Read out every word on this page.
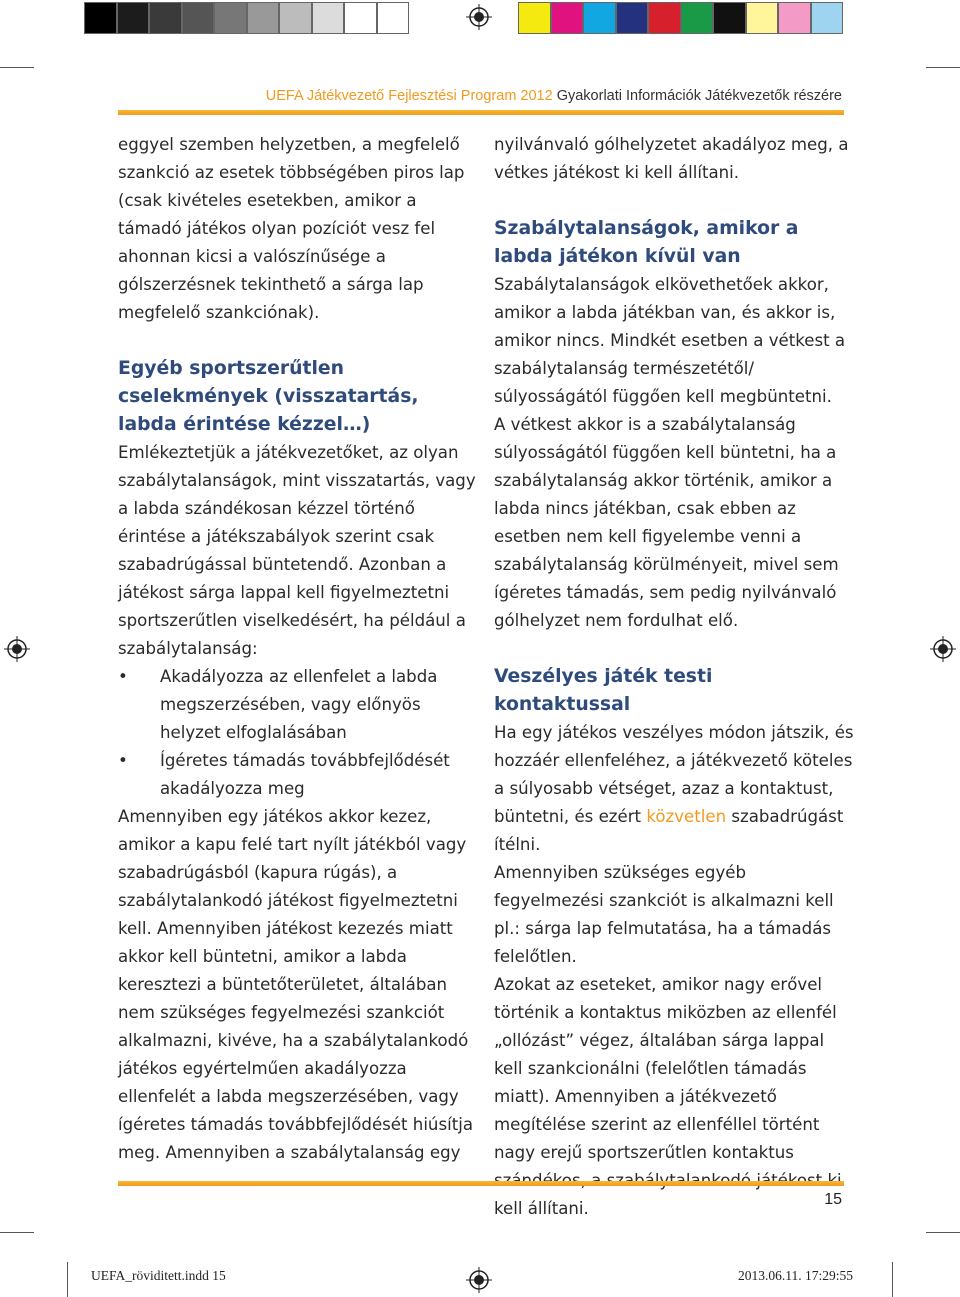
UEFA Játékvezető Fejlesztési Program 2012 Gyakorlati Információk Játékvezetők részére

eggyel szemben helyzetben, a megfelelő szankció az esetek többségében piros lap (csak kivételes esetekben, amikor a támadó játékos olyan pozíciót vesz fel ahonnan kicsi a valószínűsége a gólszerzésnek tekinthető a sárga lap megfelelő szankciónak).

Egyéb sportszerűtlen cselekmények (visszatartás, labda érintése kézzel…)

Emlékeztetjük a játékvezetőket, az olyan szabálytalanságok, mint visszatartás, vagy a labda szándékosan kézzel történő érintése a játékszabályok szerint csak szabadrúgással büntetendő. Azonban a játékost sárga lappal kell figyelmeztetni sportszerűtlen viselkedésért, ha például a szabálytalanság:

• Akadályozza az ellenfelet a labda megszerzésében, vagy előnyös helyzet elfoglalásában

• Ígéretes támadás továbbfejlődését akadályozza meg

Amennyiben egy játékos akkor kezez, amikor a kapu felé tart nyílt játékból vagy szabadrúgásból (kapura rúgás), a szabálytalankodó játékost figyelmeztetni kell. Amennyiben játékost kezezés miatt akkor kell büntetni, amikor a labda keresztezi a büntetőterületet, általában nem szükséges fegyelmezési szankciót alkalmazni, kivéve, ha a szabálytalankodó játékos egyértelműen akadályozza ellenfelét a labda megszerzésében, vagy ígéretes támadás továbbfejlődését hiúsítja meg. Amennyiben a szabálytalanság egy

nyilvánvaló gólhelyzetet akadályoz meg, a vétkes játékost ki kell állítani.

Szabálytalanságok, amikor a labda játékon kívül van

Szabálytalanságok elkövethetőek akkor, amikor a labda játékban van, és akkor is, amikor nincs. Mindkét esetben a vétkest a szabálytalanság természetétől/ súlyosságától függően kell megbüntetni.

A vétkest akkor is a szabálytalanság súlyosságától függően kell büntetni, ha a szabálytalanság akkor történik, amikor a labda nincs játékban, csak ebben az esetben nem kell figyelembe venni a szabálytalanság körülményeit, mivel sem ígéretes támadás, sem pedig nyilvánvaló gólhelyzet nem fordulhat elő.

Veszélyes játék testi kontaktussal

Ha egy játékos veszélyes módon játszik, és hozzáér ellenfeléhez, a játékvezető köteles a súlyosabb vétséget, azaz a kontaktust, büntetni, és ezért közvetlen szabadrúgást ítélni.

Amennyiben szükséges egyéb fegyelmezési szankciót is alkalmazni kell pl.: sárga lap felmutatása, ha a támadás felelőtlen.

Azokat az eseteket, amikor nagy erővel történik a kontaktus miközben az ellenfél „ollózást” végez, általában sárga lappal kell szankcionálni (felelőtlen támadás miatt). Amennyiben a játékvezető megítélése szerint az ellenféllel történt nagy erejű sportszerűtlen kontaktus kell állítani.	15
UEFA_röviditett.indd 15	2013.06.11. 17:29:55
